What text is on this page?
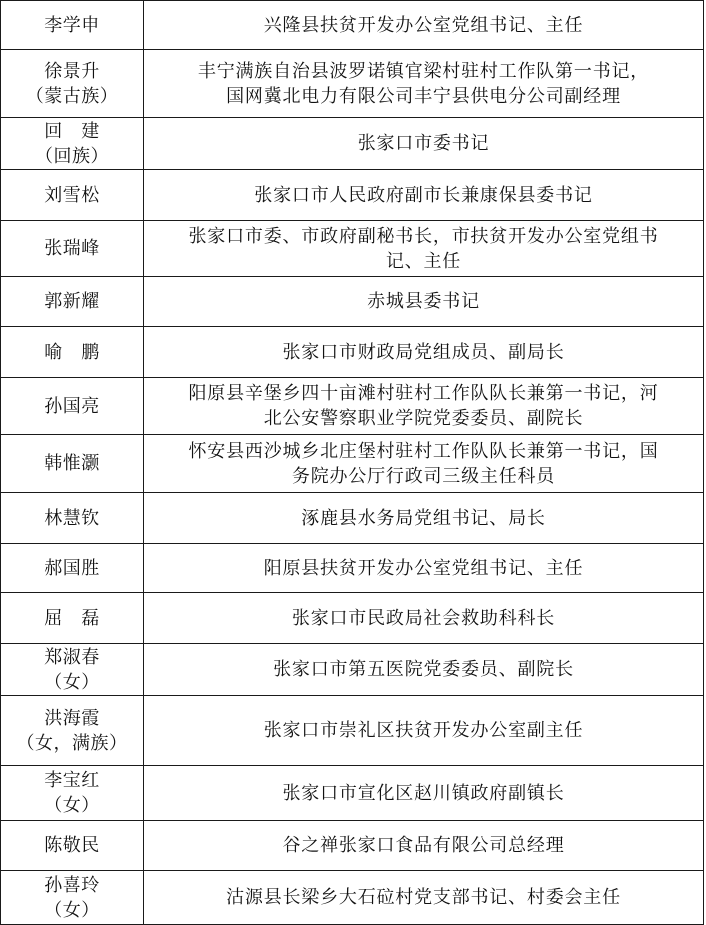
李学申	兴隆县扶贫开发办公室党组书记、主任

徐景升
（蒙古族）	丰宁满族自治县波罗诺镇官梁村驻村工作队第一书记，
国网冀北电力有限公司丰宁县供电分公司副经理

回　建
（回族）	张家口市委书记

刘雪松	张家口市人民政府副市长兼康保县委书记

张瑞峰	张家口市委、市政府副秘书长，市扶贫开发办公室党组书
记、主任

郭新耀	赤城县委书记

喻　鹏	张家口市财政局党组成员、副局长

孙国亮	阳原县辛堡乡四十亩滩村驻村工作队队长兼第一书记，河
北公安警察职业学院党委委员、副院长

韩惟灏	怀安县西沙城乡北庄堡村驻村工作队队长兼第一书记，国
务院办公厅行政司三级主任科员

林慧钦	涿鹿县水务局党组书记、局长

郝国胜	阳原县扶贫开发办公室党组书记、主任

屈　磊	张家口市民政局社会救助科科长

郑淑春
（女）	张家口市第五医院党委委员、副院长

洪海霞
（女，满族）	张家口市崇礼区扶贫开发办公室副主任

李宝红
（女）	张家口市宣化区赵川镇政府副镇长

陈敬民	谷之禅张家口食品有限公司总经理

孙喜玲
（女）	沽源县长梁乡大石砬村党支部书记、村委会主任
